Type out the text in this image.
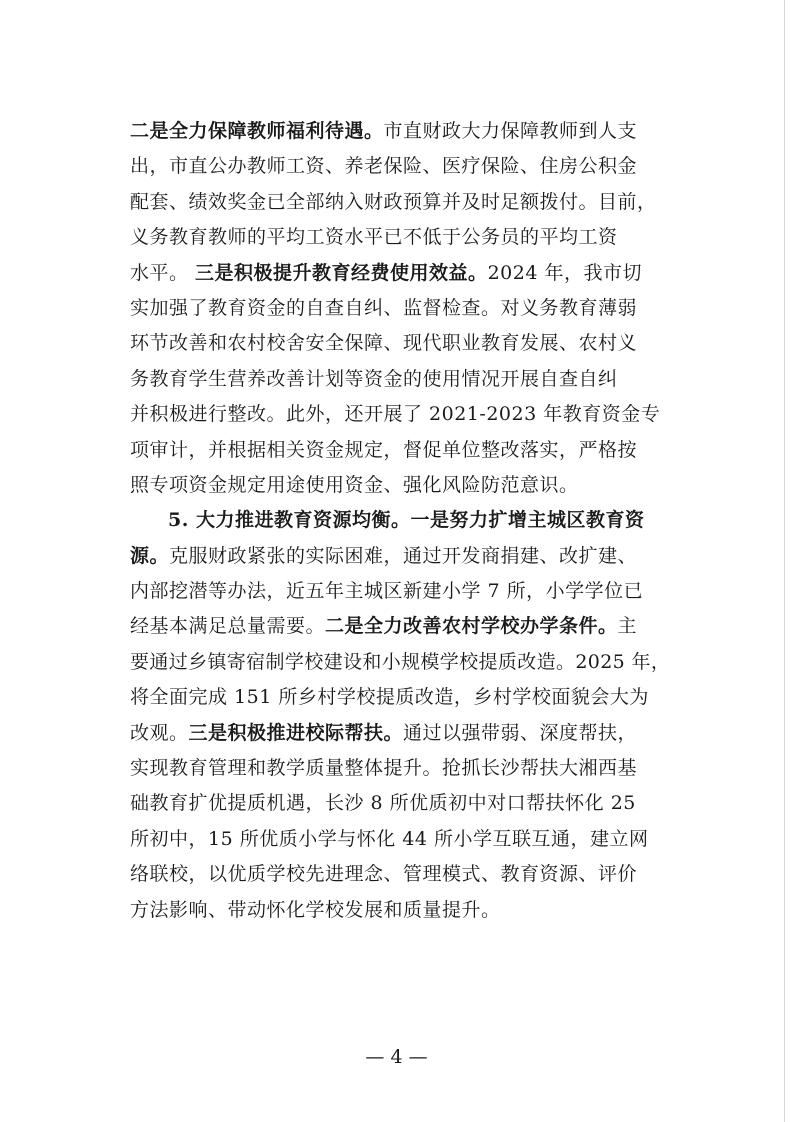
二是全力保障教师福利待遇。市直财政大力保障教师到人支
出，市直公办教师工资、养老保险、医疗保险、住房公积金
配套、绩效奖金已全部纳入财政预算并及时足额拨付。目前，
义务教育教师的平均工资水平已不低于公务员的平均工资
水平。 三是积极提升教育经费使用效益。2024 年，我市切
实加强了教育资金的自查自纠、监督检查。对义务教育薄弱
环节改善和农村校舍安全保障、现代职业教育发展、农村义
务教育学生营养改善计划等资金的使用情况开展自查自纠
并积极进行整改。此外，还开展了 2021-2023 年教育资金专
项审计，并根据相关资金规定，督促单位整改落实，严格按
照专项资金规定用途使用资金、强化风险防范意识。
5. 大力推进教育资源均衡。一是努力扩增主城区教育资
源。克服财政紧张的实际困难，通过开发商捐建、改扩建、
内部挖潜等办法，近五年主城区新建小学 7 所，小学学位已
经基本满足总量需要。二是全力改善农村学校办学条件。主
要通过乡镇寄宿制学校建设和小规模学校提质改造。2025 年，
将全面完成 151 所乡村学校提质改造，乡村学校面貌会大为
改观。三是积极推进校际帮扶。通过以强带弱、深度帮扶，
实现教育管理和教学质量整体提升。抢抓长沙帮扶大湘西基
础教育扩优提质机遇，长沙 8 所优质初中对口帮扶怀化 25
所初中，15 所优质小学与怀化 44 所小学互联互通，建立网
络联校，以优质学校先进理念、管理模式、教育资源、评价
方法影响、带动怀化学校发展和质量提升。
— 4 —
